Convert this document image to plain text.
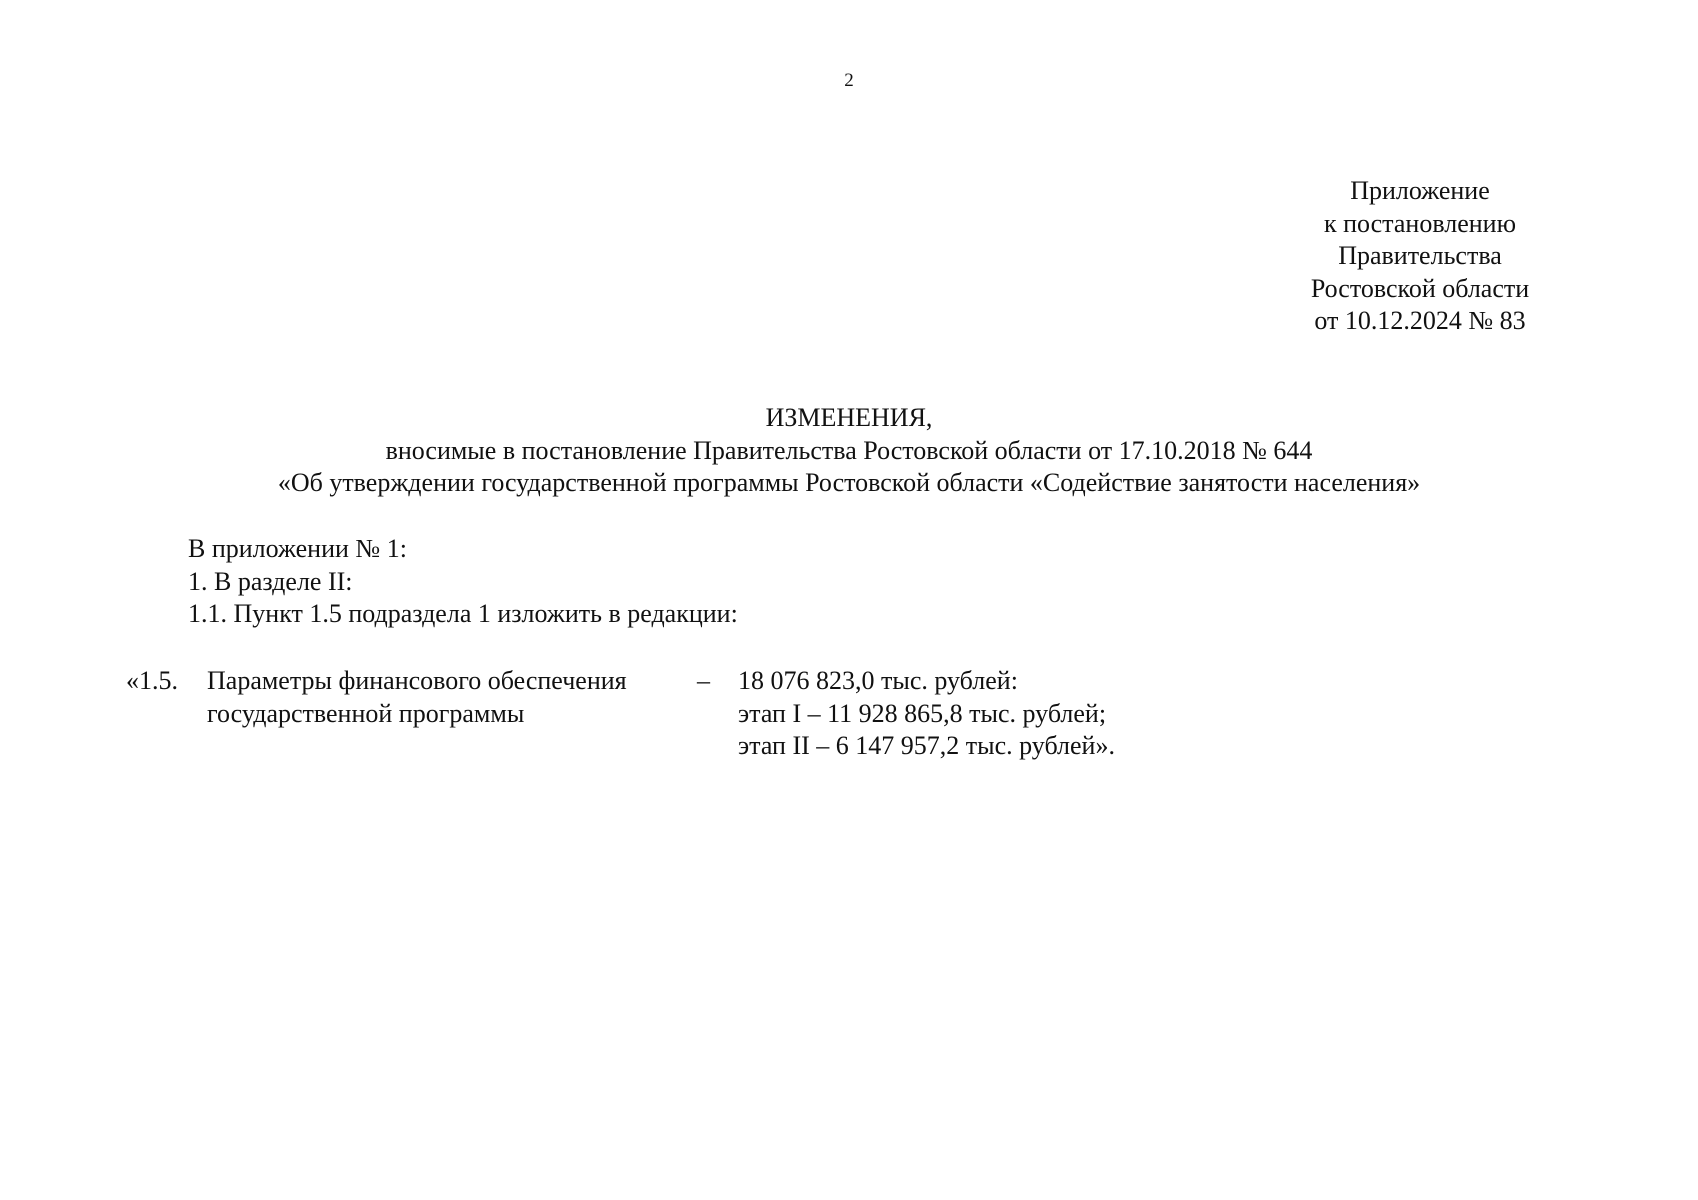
2
Приложение
к постановлению
Правительства
Ростовской области
от 10.12.2024 № 83
ИЗМЕНЕНИЯ,
вносимые в постановление Правительства Ростовской области от 17.10.2018 № 644
«Об утверждении государственной программы Ростовской области «Содействие занятости населения»
В приложении № 1:
1. В разделе II:
1.1. Пункт 1.5 подраздела 1 изложить в редакции:
«1.5. Параметры финансового обеспечения
государственной программы
– 18 076 823,0 тыс. рублей:
этап I – 11 928 865,8 тыс. рублей;
этап II – 6 147 957,2 тыс. рублей».
